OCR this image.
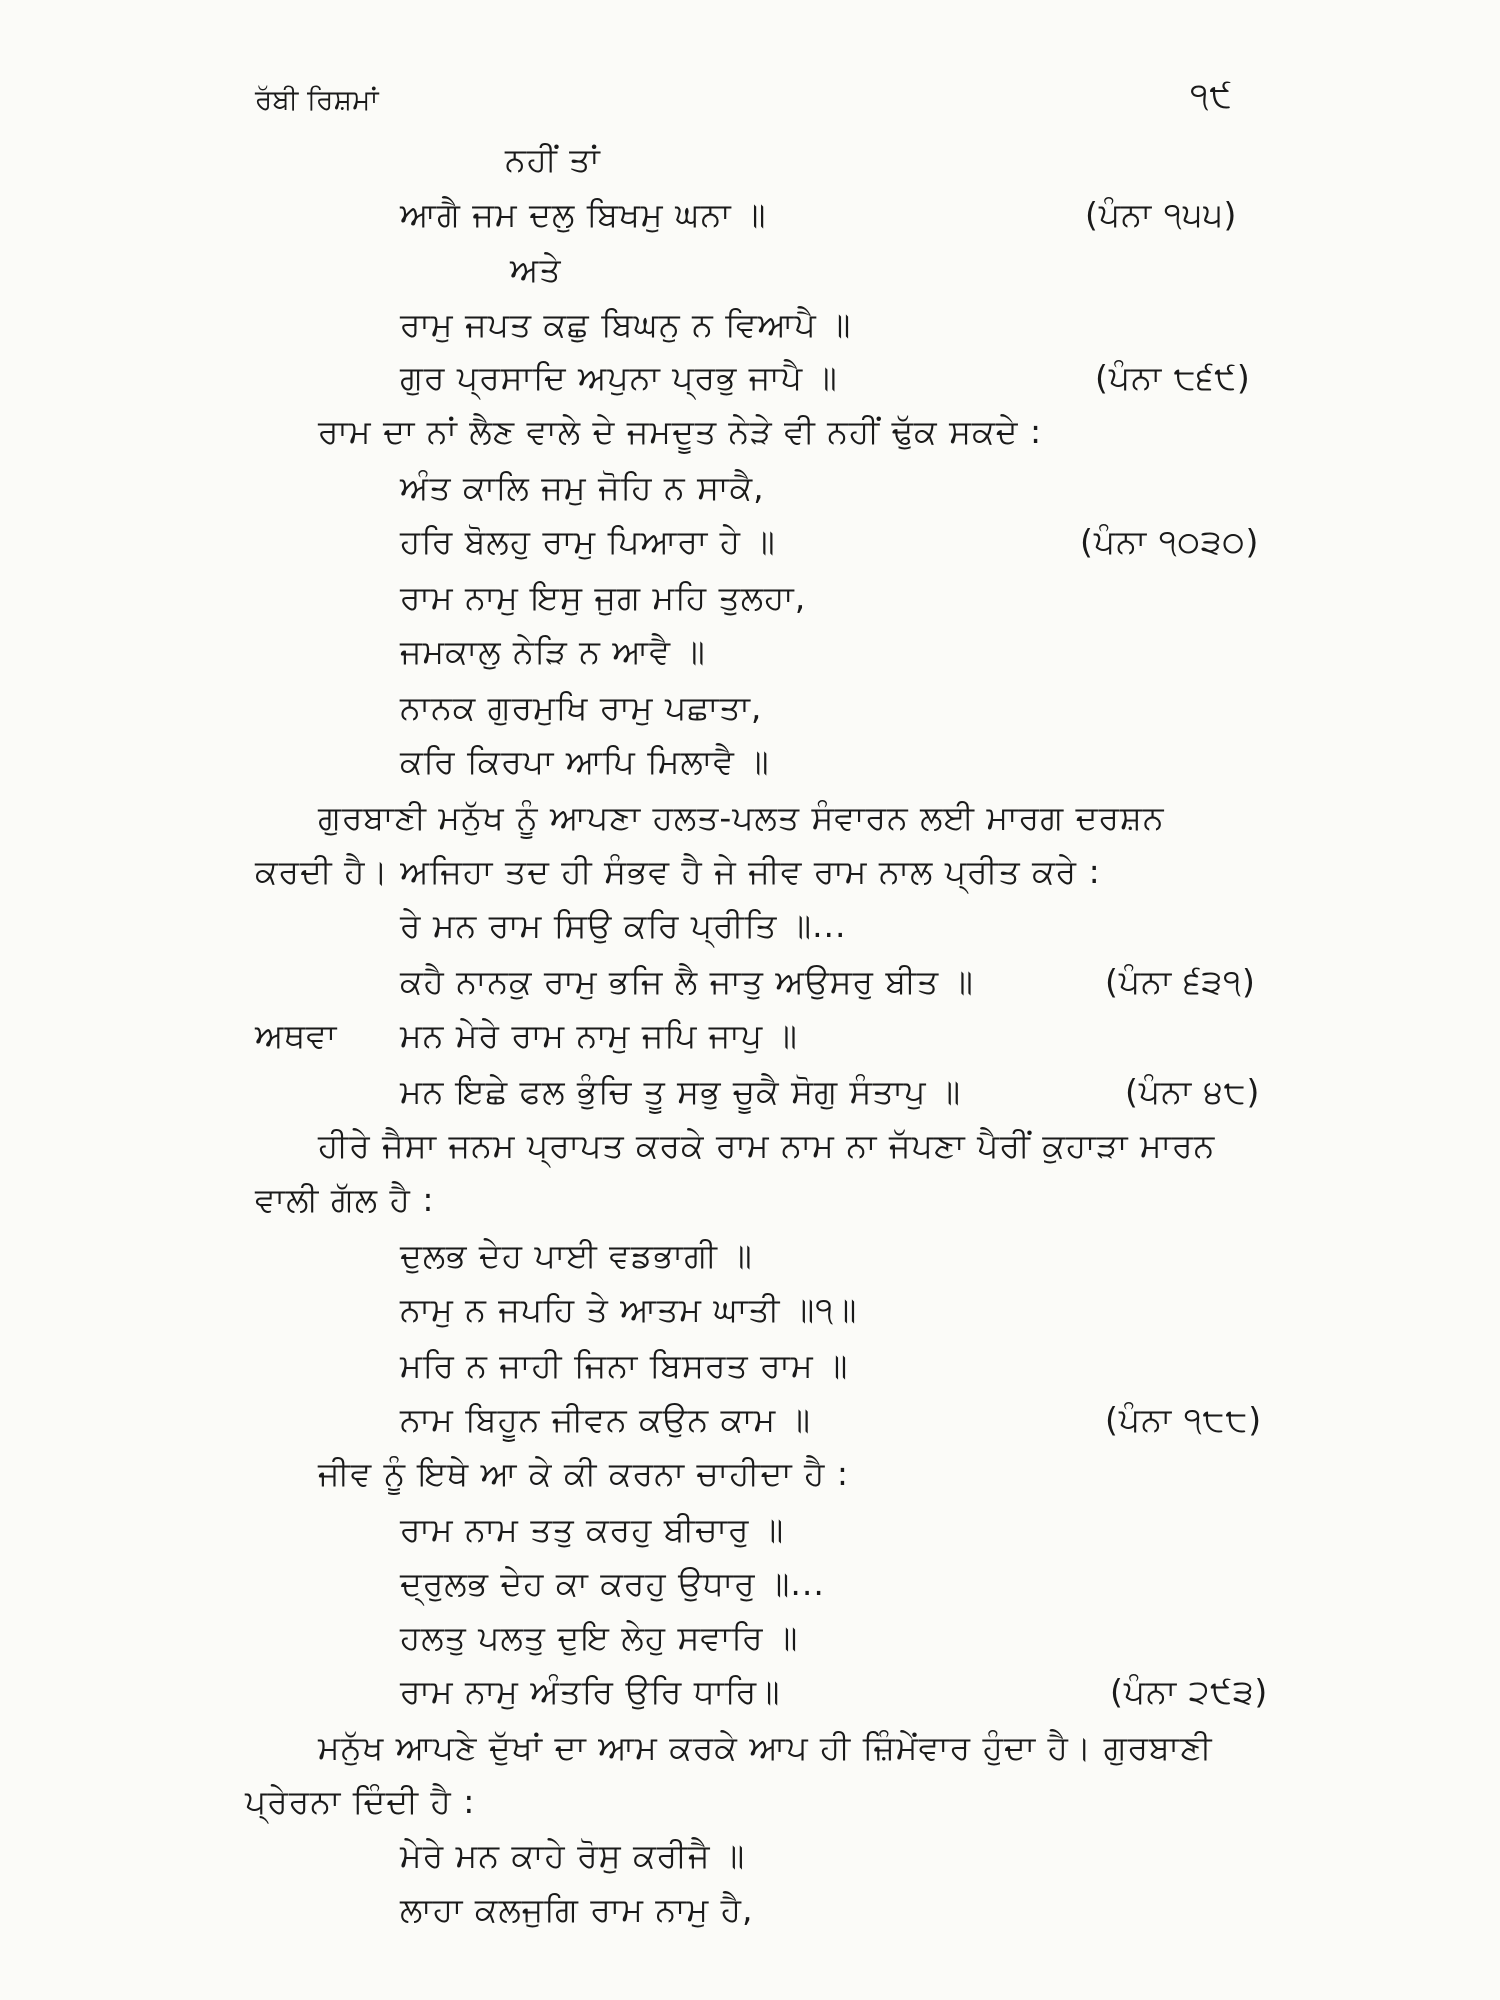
ਰੱਬੀ ਰਿਸ਼ਮਾਂ	੧੯
ਨਹੀਂ ਤਾਂ
ਆਗੈ ਜਮ ਦਲੁ ਬਿਖਮੁ ਘਨਾ ॥	(ਪੰਨਾ ੧੫੫)
ਅਤੇ
ਰਾਮੁ ਜਪਤ ਕਛੁ ਬਿਘਨੁ ਨ ਵਿਆਪੈ ॥
ਗੁਰ ਪ੍ਰਸਾਦਿ ਅਪੁਨਾ ਪ੍ਰਭੁ ਜਾਪੈ ॥	(ਪੰਨਾ ੮੬੯)
ਰਾਮ ਦਾ ਨਾਂ ਲੈਣ ਵਾਲੇ ਦੇ ਜਮਦੂਤ ਨੇੜੇ ਵੀ ਨਹੀਂ ਢੁੱਕ ਸਕਦੇ :
ਅੰਤ ਕਾਲਿ ਜਮੁ ਜੋਹਿ ਨ ਸਾਕੈ,
ਹਰਿ ਬੋਲਹੁ ਰਾਮੁ ਪਿਆਰਾ ਹੇ ॥	(ਪੰਨਾ ੧੦੩੦)
ਰਾਮ ਨਾਮੁ ਇਸੁ ਜੁਗ ਮਹਿ ਤੁਲਹਾ,
ਜਮਕਾਲੁ ਨੇੜਿ ਨ ਆਵੈ ॥
ਨਾਨਕ ਗੁਰਮੁਖਿ ਰਾਮੁ ਪਛਾਤਾ,
ਕਰਿ ਕਿਰਪਾ ਆਪਿ ਮਿਲਾਵੈ ॥
ਗੁਰਬਾਣੀ ਮਨੁੱਖ ਨੂੰ ਆਪਣਾ ਹਲਤ-ਪਲਤ ਸੰਵਾਰਨ ਲਈ ਮਾਰਗ ਦਰਸ਼ਨ
ਕਰਦੀ ਹੈ। ਅਜਿਹਾ ਤਦ ਹੀ ਸੰਭਵ ਹੈ ਜੇ ਜੀਵ ਰਾਮ ਨਾਲ ਪ੍ਰੀਤ ਕਰੇ :
ਰੇ ਮਨ ਰਾਮ ਸਿਉ ਕਰਿ ਪ੍ਰੀਤਿ ॥...
ਕਹੈ ਨਾਨਕੁ ਰਾਮੁ ਭਜਿ ਲੈ ਜਾਤੁ ਅਉਸਰੁ ਬੀਤ ॥	(ਪੰਨਾ ੬੩੧)
ਅਥਵਾ ਮਨ ਮੇਰੇ ਰਾਮ ਨਾਮੁ ਜਪਿ ਜਾਪੁ ॥
ਮਨ ਇਛੇ ਫਲ ਭੁੰਚਿ ਤੂ ਸਭੁ ਚੂਕੈ ਸੋਗੁ ਸੰਤਾਪੁ ॥	(ਪੰਨਾ ੪੮)
ਹੀਰੇ ਜੈਸਾ ਜਨਮ ਪ੍ਰਾਪਤ ਕਰਕੇ ਰਾਮ ਨਾਮ ਨਾ ਜੱਪਣਾ ਪੈਰੀਂ ਕੁਹਾੜਾ ਮਾਰਨ
ਵਾਲੀ ਗੱਲ ਹੈ :
ਦੁਲਭ ਦੇਹ ਪਾਈ ਵਡਭਾਗੀ ॥
ਨਾਮੁ ਨ ਜਪਹਿ ਤੇ ਆਤਮ ਘਾਤੀ ॥੧॥
ਮਰਿ ਨ ਜਾਹੀ ਜਿਨਾ ਬਿਸਰਤ ਰਾਮ ॥
ਨਾਮ ਬਿਹੂਨ ਜੀਵਨ ਕਉਨ ਕਾਮ ॥	(ਪੰਨਾ ੧੮੮)
ਜੀਵ ਨੂੰ ਇਥੇ ਆ ਕੇ ਕੀ ਕਰਨਾ ਚਾਹੀਦਾ ਹੈ :
ਰਾਮ ਨਾਮ ਤਤੁ ਕਰਹੁ ਬੀਚਾਰੁ ॥
ਦ੍ਰੁਲਭ ਦੇਹ ਕਾ ਕਰਹੁ ਉਧਾਰੁ ॥...
ਹਲਤੁ ਪਲਤੁ ਦੁਇ ਲੇਹੁ ਸਵਾਰਿ ॥
ਰਾਮ ਨਾਮੁ ਅੰਤਰਿ ਉਰਿ ਧਾਰਿ॥	(ਪੰਨਾ ੨੯੩)
ਮਨੁੱਖ ਆਪਣੇ ਦੁੱਖਾਂ ਦਾ ਆਮ ਕਰਕੇ ਆਪ ਹੀ ਜ਼ਿੰਮੇਂਵਾਰ ਹੁੰਦਾ ਹੈ। ਗੁਰਬਾਣੀ
ਪ੍ਰੇਰਨਾ ਦਿੰਦੀ ਹੈ :
ਮੇਰੇ ਮਨ ਕਾਹੇ ਰੋਸੁ ਕਰੀਜੈ ॥
ਲਾਹਾ ਕਲਜੁਗਿ ਰਾਮ ਨਾਮੁ ਹੈ,
